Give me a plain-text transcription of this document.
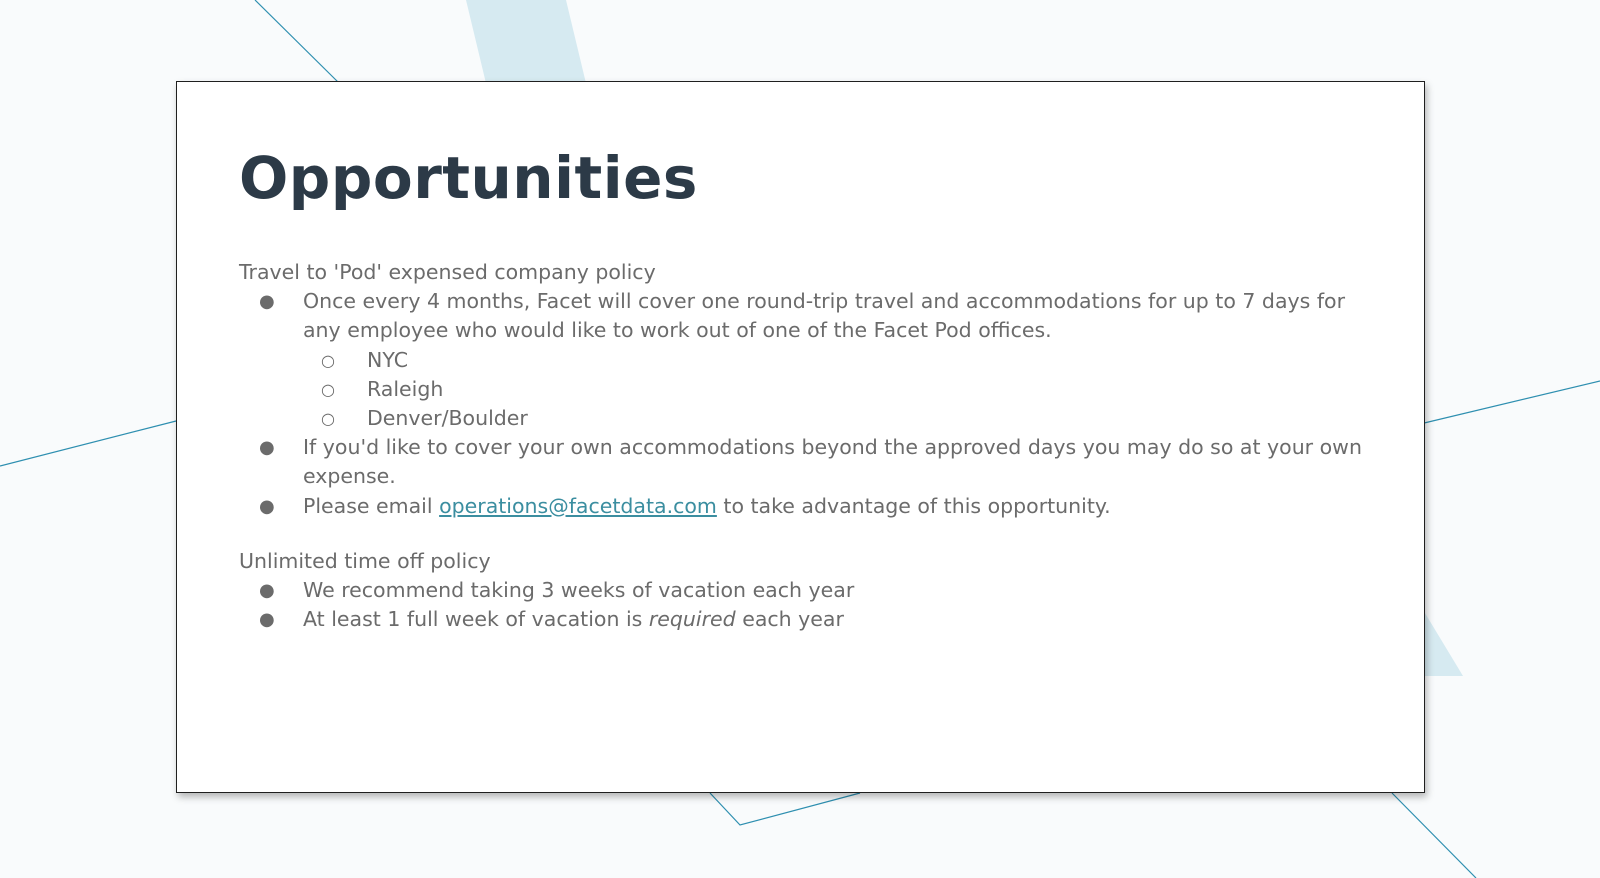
Opportunities

Travel to 'Pod' expensed company policy

● Once every 4 months, Facet will cover one round-trip travel and accommodations for up to 7 days for any employee who would like to work out of one of the Facet Pod offices.
○ NYC
○ Raleigh
○ Denver/Boulder
● If you'd like to cover your own accommodations beyond the approved days you may do so at your own expense.
● Please email operations@facetdata.com to take advantage of this opportunity.

Unlimited time off policy

● We recommend taking 3 weeks of vacation each year
● At least 1 full week of vacation is required each year
